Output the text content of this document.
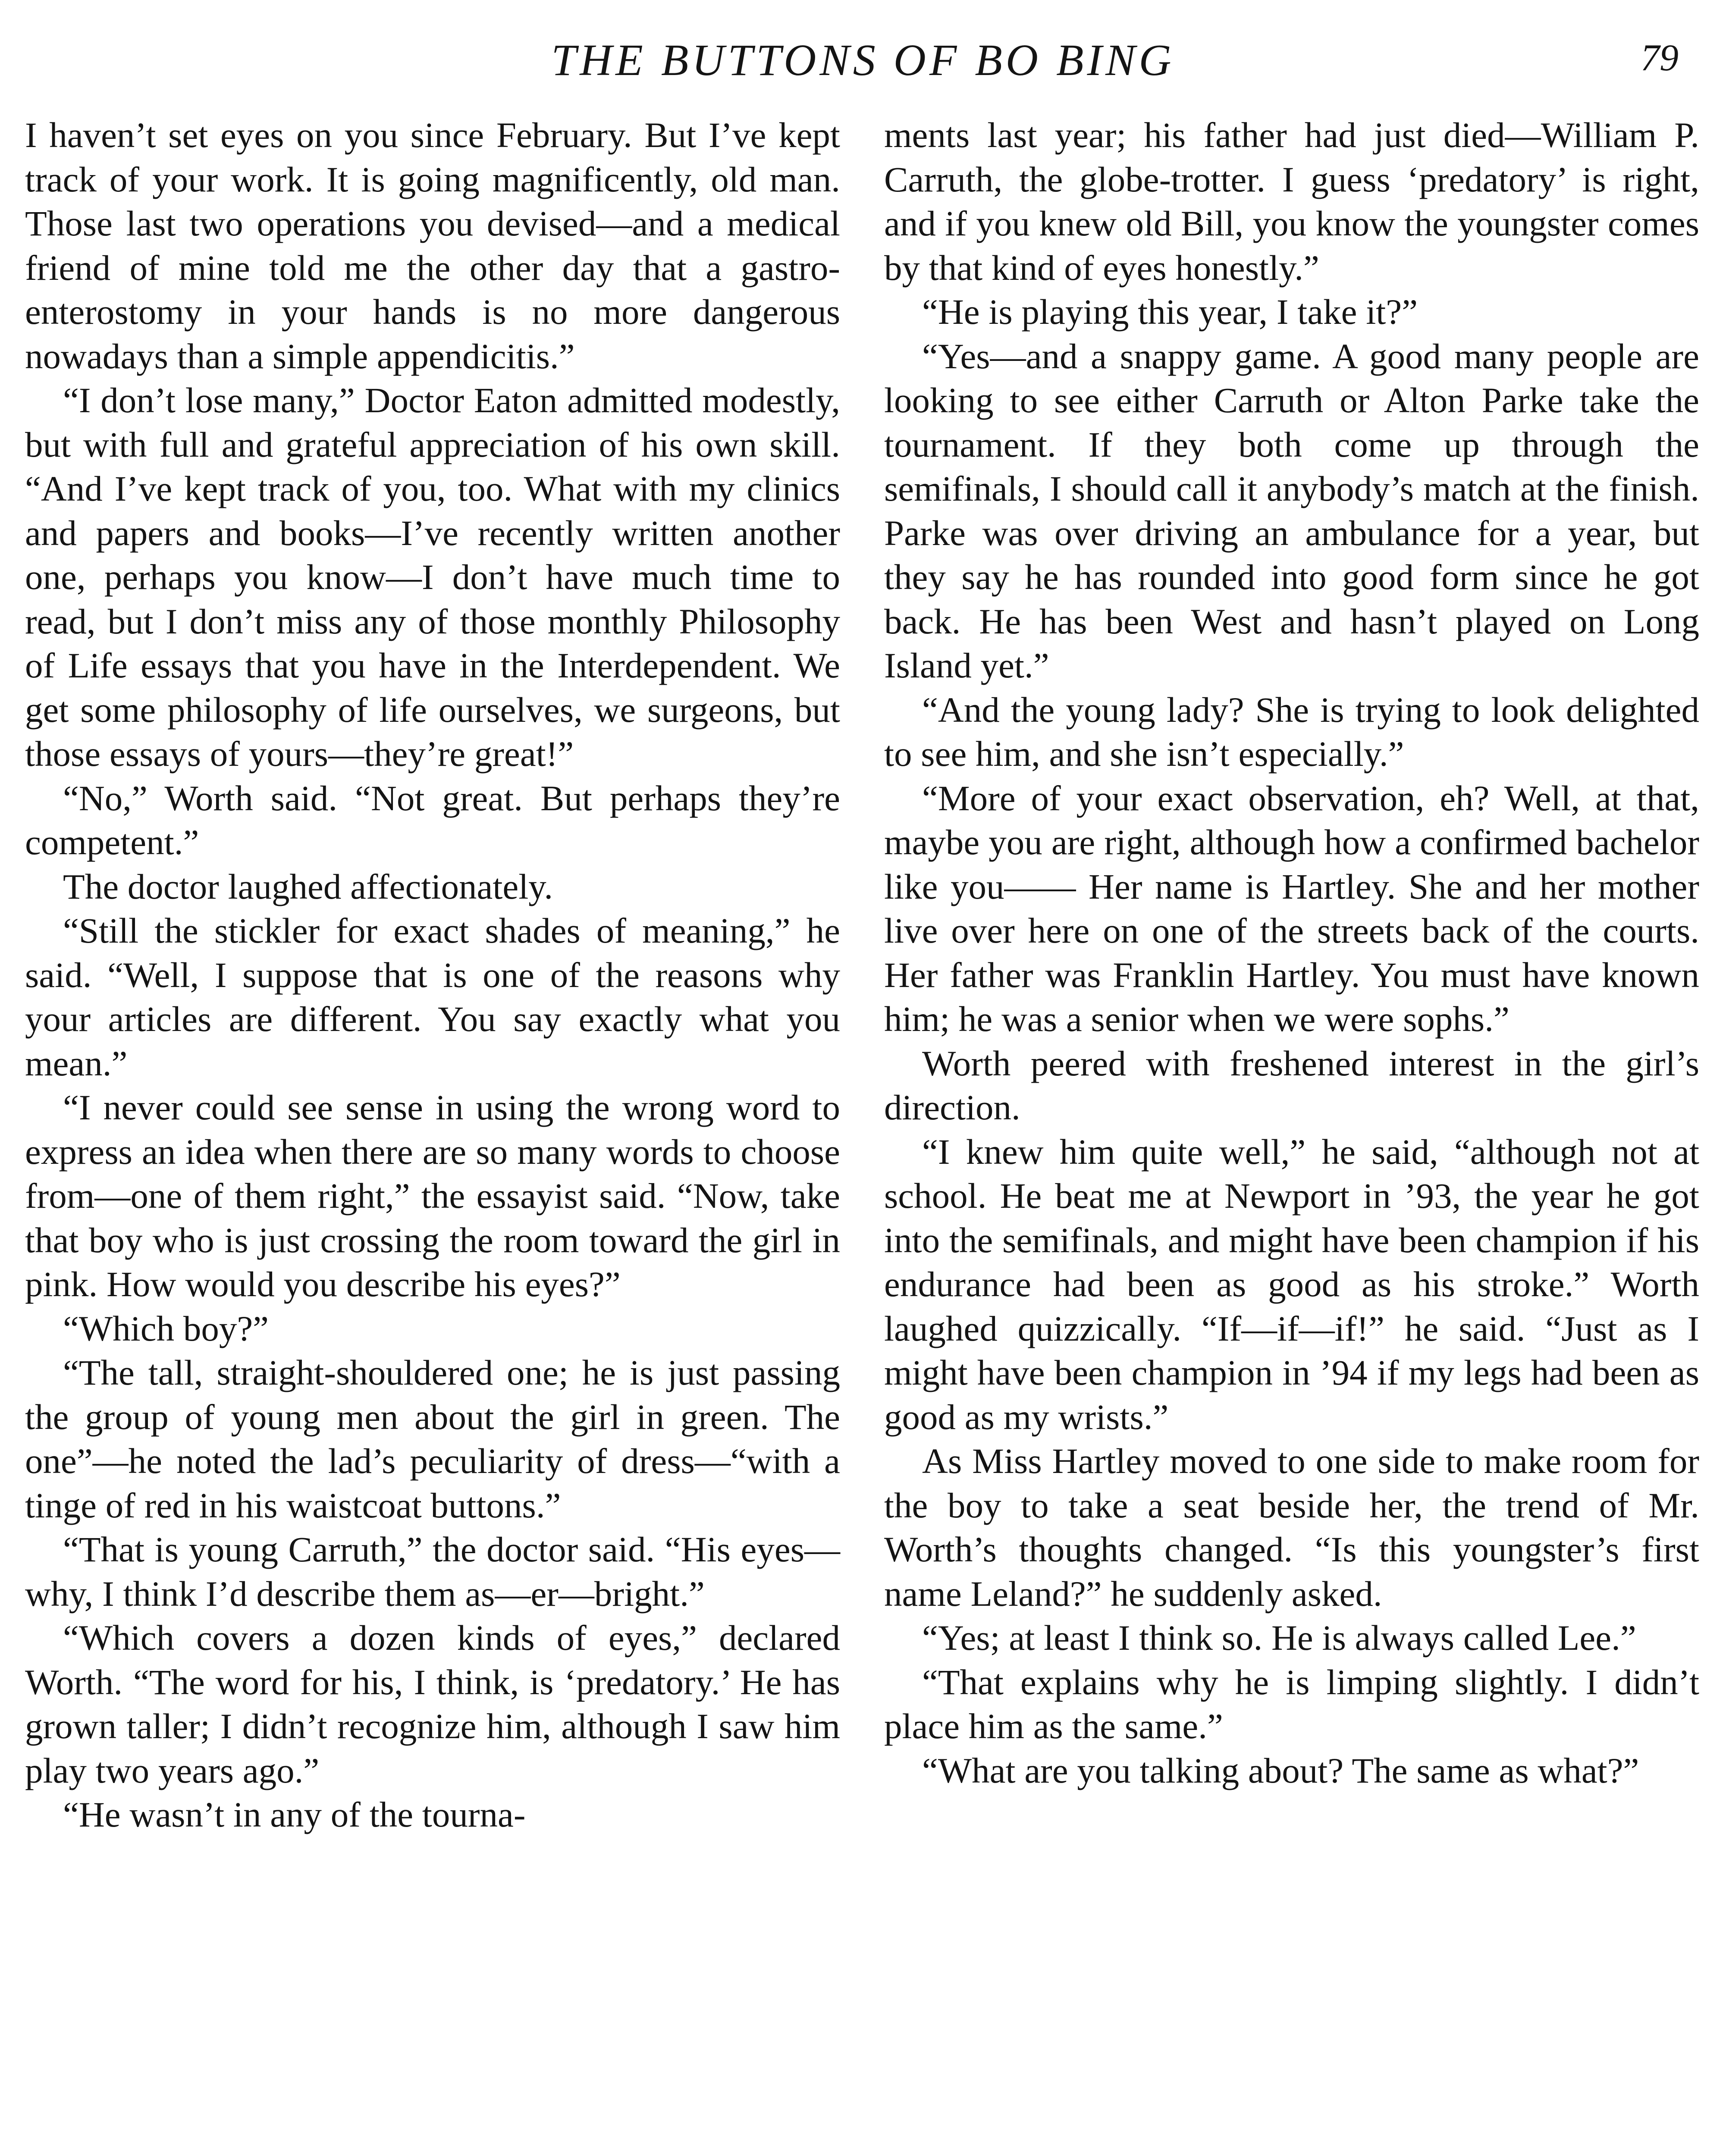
THE BUTTONS OF BO BING	79

I haven’t set eyes on you since February. But I’ve kept track of your work. It is going magnificently, old man. Those last two operations you devised—and a medical friend of mine told me the other day that a gastro-enterostomy in your hands is no more dangerous nowadays than a simple appendicitis.”

“I don’t lose many,” Doctor Eaton admitted modestly, but with full and grateful appreciation of his own skill. “And I’ve kept track of you, too. What with my clinics and papers and books—I’ve recently written another one, perhaps you know—I don’t have much time to read, but I don’t miss any of those monthly Philosophy of Life essays that you have in the Interdependent. We get some philosophy of life ourselves, we surgeons, but those essays of yours—they’re great!”

“No,” Worth said. “Not great. But perhaps they’re competent.”

The doctor laughed affectionately.

“Still the stickler for exact shades of meaning,” he said. “Well, I suppose that is one of the reasons why your articles are different. You say exactly what you mean.”

“I never could see sense in using the wrong word to express an idea when there are so many words to choose from—one of them right,” the essayist said. “Now, take that boy who is just crossing the room toward the girl in pink. How would you describe his eyes?”

“Which boy?”

“The tall, straight-shouldered one; he is just passing the group of young men about the girl in green. The one”—he noted the lad’s peculiarity of dress—“with a tinge of red in his waistcoat buttons.”

“That is young Carruth,” the doctor said. “His eyes—why, I think I’d describe them as—er—bright.”

“Which covers a dozen kinds of eyes,” declared Worth. “The word for his, I think, is ‘predatory.’ He has grown taller; I didn’t recognize him, although I saw him play two years ago.”

“He wasn’t in any of the tourna-

ments last year; his father had just died—William P. Carruth, the globe-trotter. I guess ‘predatory’ is right, and if you knew old Bill, you know the youngster comes by that kind of eyes honestly.”

“He is playing this year, I take it?”

“Yes—and a snappy game. A good many people are looking to see either Carruth or Alton Parke take the tournament. If they both come up through the semifinals, I should call it anybody’s match at the finish. Parke was over driving an ambulance for a year, but they say he has rounded into good form since he got back. He has been West and hasn’t played on Long Island yet.”

“And the young lady? She is trying to look delighted to see him, and she isn’t especially.”

“More of your exact observation, eh? Well, at that, maybe you are right, although how a confirmed bachelor like you—— Her name is Hartley. She and her mother live over here on one of the streets back of the courts. Her father was Franklin Hartley. You must have known him; he was a senior when we were sophs.”

Worth peered with freshened interest in the girl’s direction.

“I knew him quite well,” he said, “although not at school. He beat me at Newport in ’93, the year he got into the semifinals, and might have been champion if his endurance had been as good as his stroke.” Worth laughed quizzically. “If—if—if!” he said. “Just as I might have been champion in ’94 if my legs had been as good as my wrists.”

As Miss Hartley moved to one side to make room for the boy to take a seat beside her, the trend of Mr. Worth’s thoughts changed. “Is this youngster’s first name Leland?” he suddenly asked.

“Yes; at least I think so. He is always called Lee.”

“That explains why he is limping slightly. I didn’t place him as the same.”

“What are you talking about? The same as what?”
